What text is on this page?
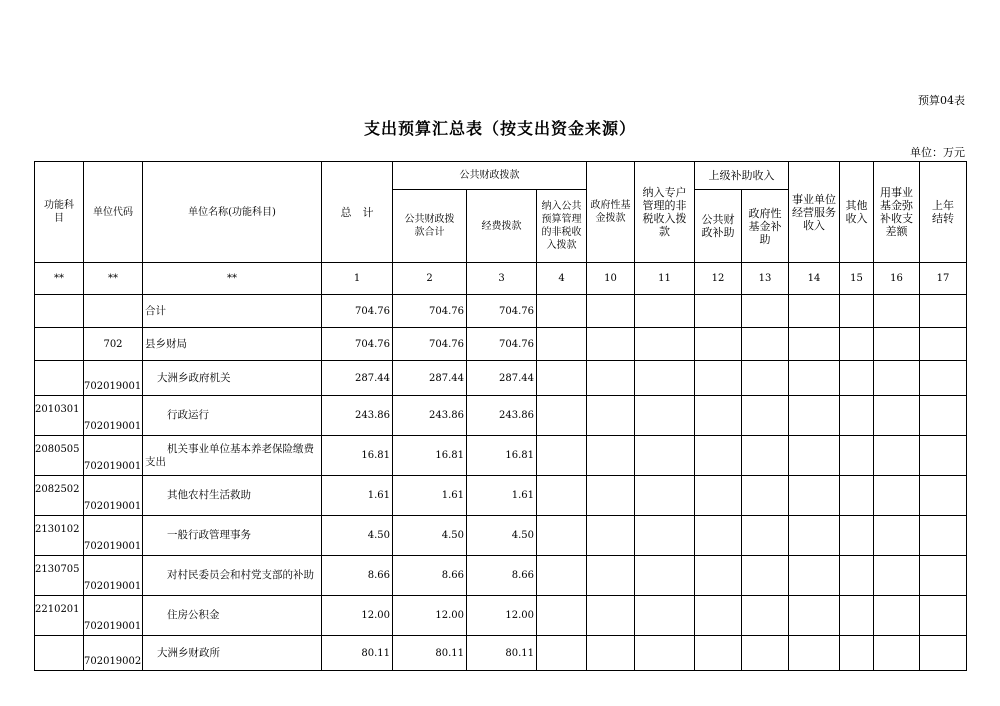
预算04表
支出预算汇总表（按支出资金来源）
单位：万元
功能科目	单位代码	单位名称(功能科目)	总　计	公共财政拨款			政府性基金拨款	纳入专户管理的非税收入拨款	上级补助收入		事业单位经营服务收入	其他收入	用事业基金弥补收支差额	上年结转
				公共财政拨款合计	经费拨款	纳入公共预算管理的非税收入拨款			公共财政补助	政府性基金补助				
**	**	**	1	2	3	4	10	11	12	13	14	15	16	17
		合计	704.76	704.76	704.76									
	702	县乡财局	704.76	704.76	704.76									
	702019001	大洲乡政府机关	287.44	287.44	287.44									
2010301	702019001	行政运行	243.86	243.86	243.86									
2080505	702019001	机关事业单位基本养老保险缴费支出	16.81	16.81	16.81									
2082502	702019001	其他农村生活救助	1.61	1.61	1.61									
2130102	702019001	一般行政管理事务	4.50	4.50	4.50									
2130705	702019001	对村民委员会和村党支部的补助	8.66	8.66	8.66									
2210201	702019001	住房公积金	12.00	12.00	12.00									
	702019002	大洲乡财政所	80.11	80.11	80.11									
